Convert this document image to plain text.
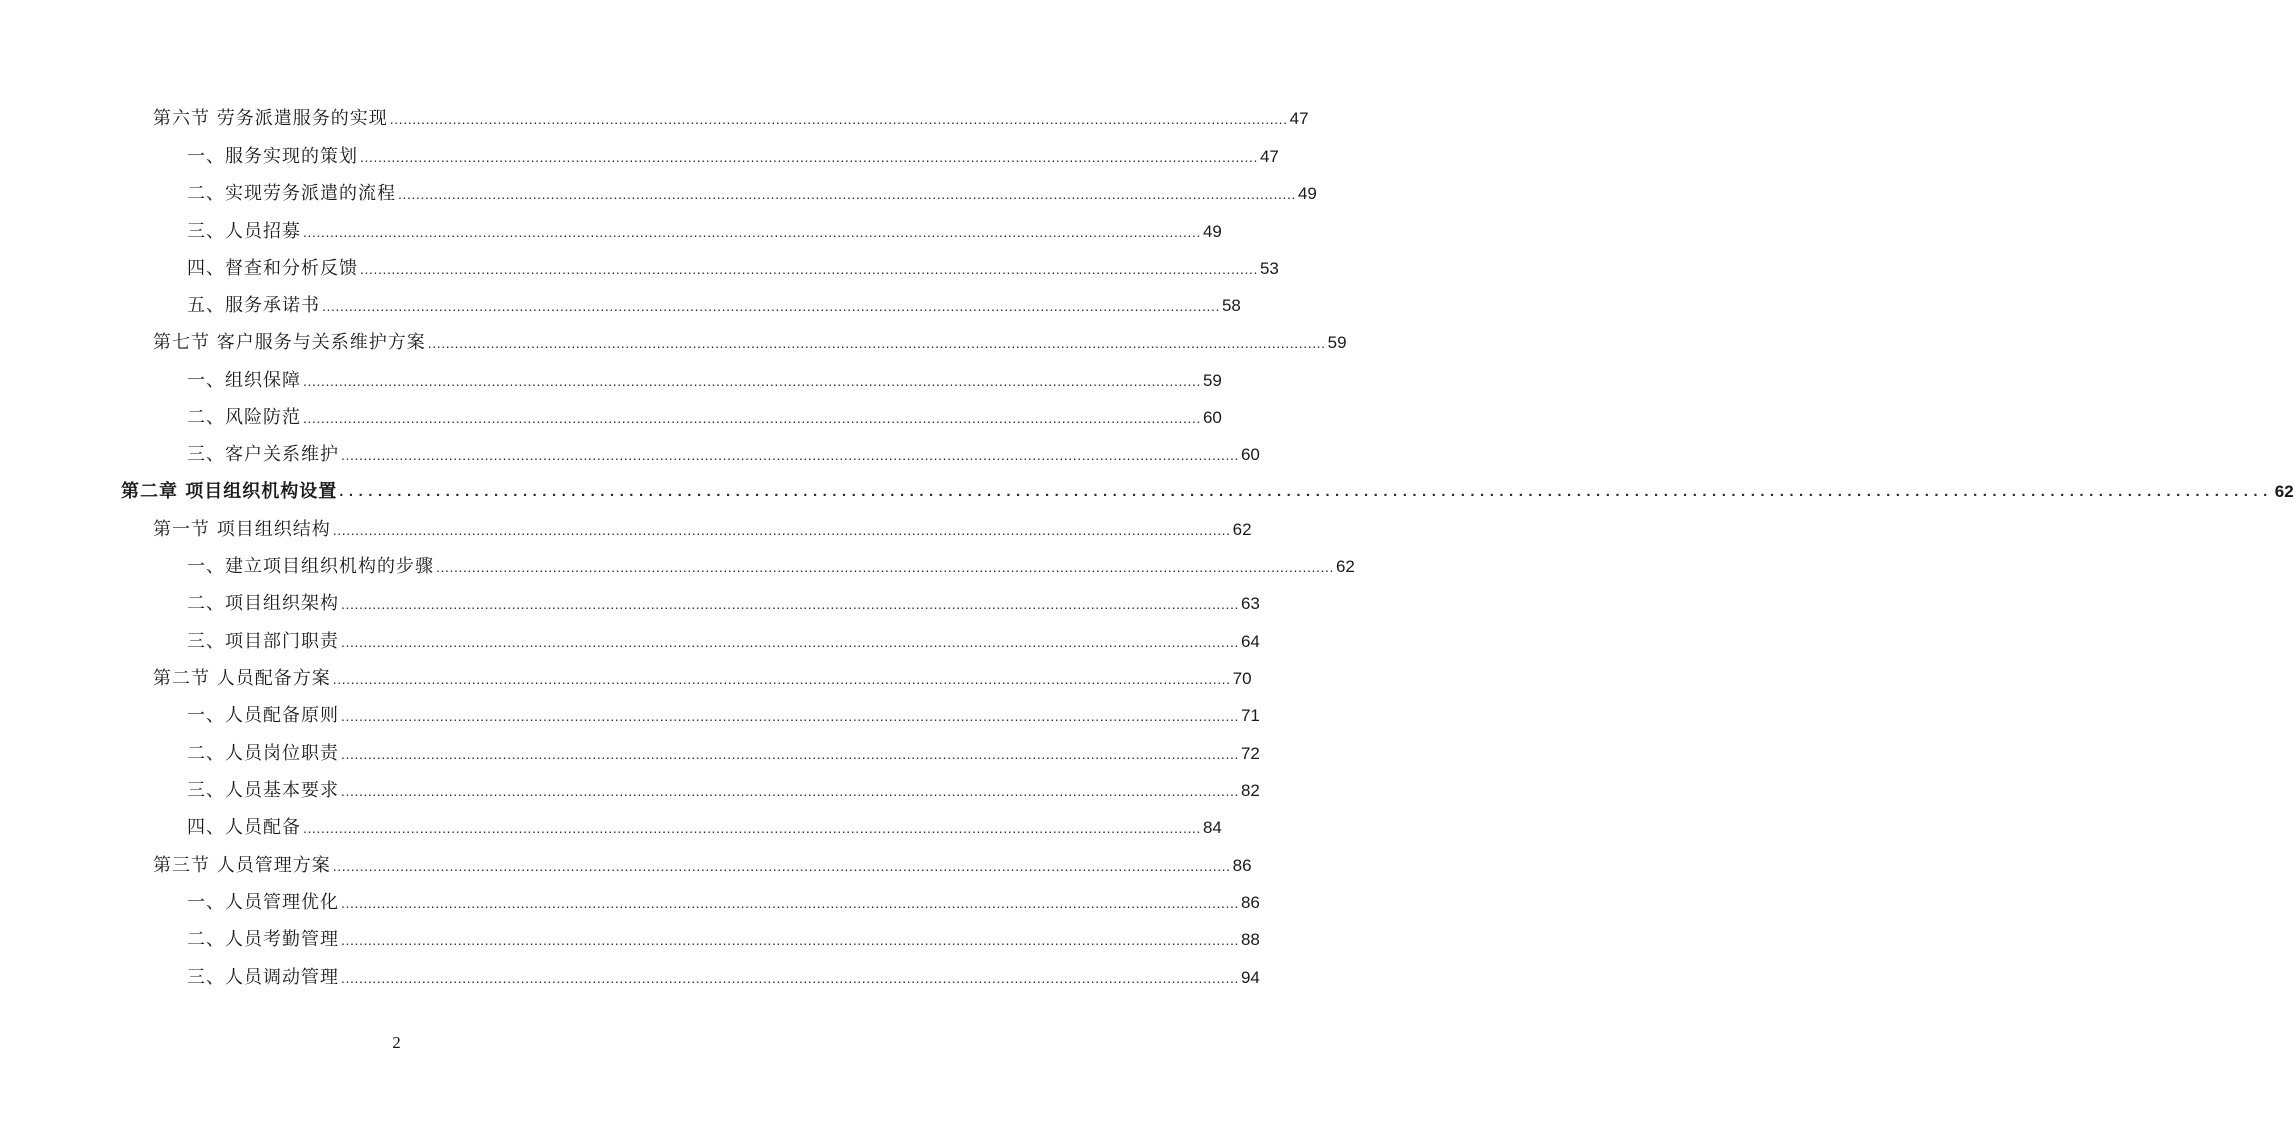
第六节 劳务派遣服务的实现 ........................................................................................................................................................................................................ 47
一、服务实现的策划 ........................................................................................................................................................................................................ 47
二、实现劳务派遣的流程 ........................................................................................................................................................................................................ 49
三、人员招募 ........................................................................................................................................................................................................ 49
四、督查和分析反馈 ........................................................................................................................................................................................................ 53
五、服务承诺书 ........................................................................................................................................................................................................ 58
第七节 客户服务与关系维护方案 ........................................................................................................................................................................................................ 59
一、组织保障 ........................................................................................................................................................................................................ 59
二、风险防范 ........................................................................................................................................................................................................ 60
三、客户关系维护 ........................................................................................................................................................................................................ 60
第二章 项目组织机构设置 ........................................................................................................................................................................................................ 62
第一节 项目组织结构 ........................................................................................................................................................................................................ 62
一、建立项目组织机构的步骤 ........................................................................................................................................................................................................ 62
二、项目组织架构 ........................................................................................................................................................................................................ 63
三、项目部门职责 ........................................................................................................................................................................................................ 64
第二节 人员配备方案 ........................................................................................................................................................................................................ 70
一、人员配备原则 ........................................................................................................................................................................................................ 71
二、人员岗位职责 ........................................................................................................................................................................................................ 72
三、人员基本要求 ........................................................................................................................................................................................................ 82
四、人员配备 ........................................................................................................................................................................................................ 84
第三节 人员管理方案 ........................................................................................................................................................................................................ 86
一、人员管理优化 ........................................................................................................................................................................................................ 86
二、人员考勤管理 ........................................................................................................................................................................................................ 88
三、人员调动管理 ........................................................................................................................................................................................................ 94
2
